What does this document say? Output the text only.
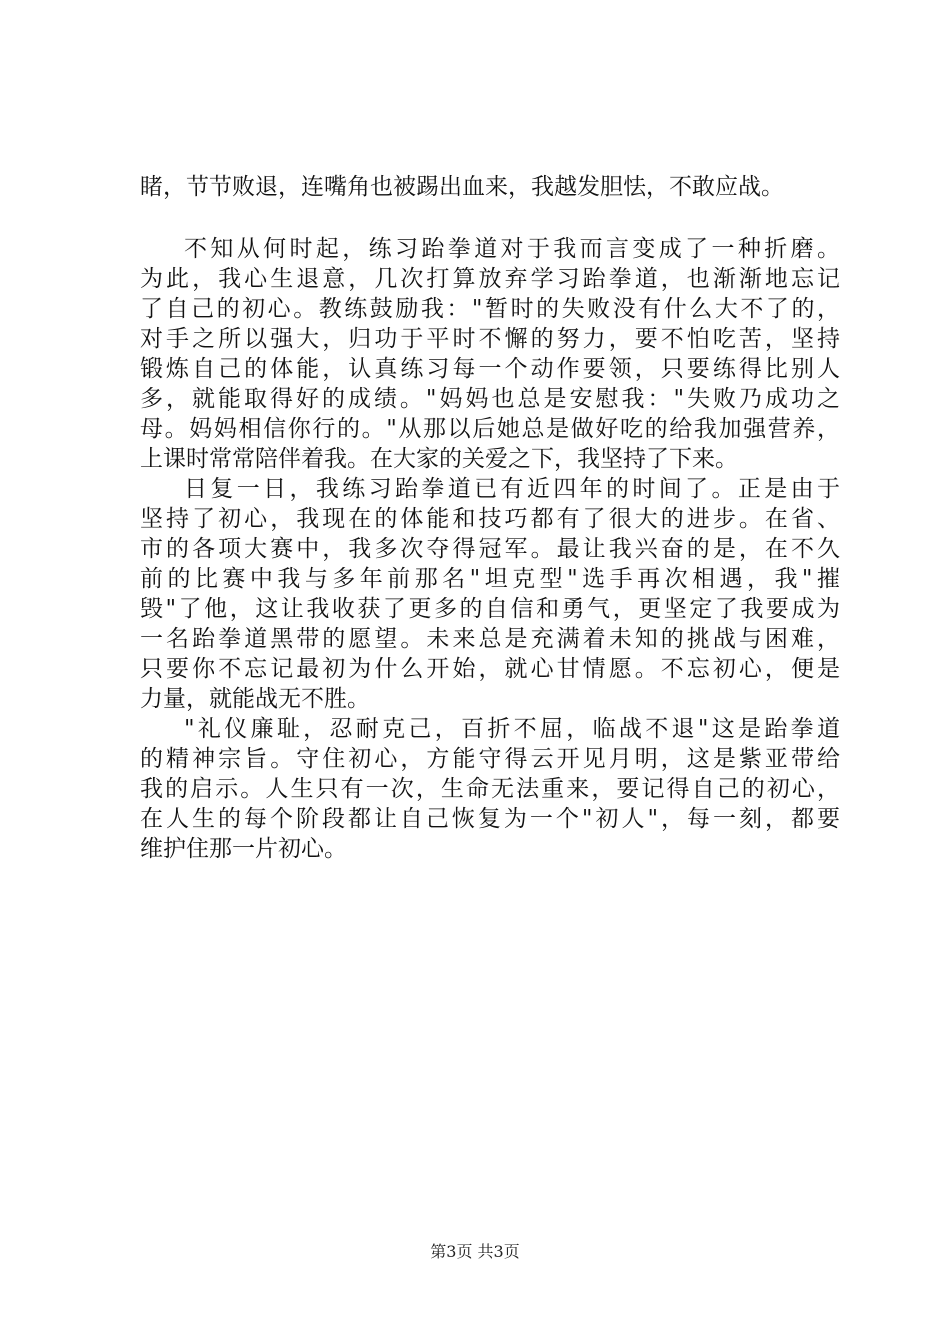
睹，节节败退，连嘴角也被踢出血来，我越发胆怯，不敢应战。
不知从何时起，练习跆拳道对于我而言变成了一种折磨。
为此，我心生退意，几次打算放弃学习跆拳道，也渐渐地忘记
了自己的初心。教练鼓励我："暂时的失败没有什么大不了的，
对手之所以强大，归功于平时不懈的努力，要不怕吃苦，坚持
锻炼自己的体能，认真练习每一个动作要领，只要练得比别人
多，就能取得好的成绩。"妈妈也总是安慰我："失败乃成功之
母。妈妈相信你行的。"从那以后她总是做好吃的给我加强营养，
上课时常常陪伴着我。在大家的关爱之下，我坚持了下来。
日复一日，我练习跆拳道已有近四年的时间了。正是由于
坚持了初心，我现在的体能和技巧都有了很大的进步。在省、
市的各项大赛中，我多次夺得冠军。最让我兴奋的是，在不久
前的比赛中我与多年前那名"坦克型"选手再次相遇，我"摧
毁"了他，这让我收获了更多的自信和勇气，更坚定了我要成为
一名跆拳道黑带的愿望。未来总是充满着未知的挑战与困难，
只要你不忘记最初为什么开始，就心甘情愿。不忘初心，便是
力量，就能战无不胜。
"礼仪廉耻，忍耐克己，百折不屈，临战不退"这是跆拳道
的精神宗旨。守住初心，方能守得云开见月明，这是紫亚带给
我的启示。人生只有一次，生命无法重来，要记得自己的初心，
在人生的每个阶段都让自己恢复为一个"初人"，每一刻，都要
维护住那一片初心。
第3页 共3页
